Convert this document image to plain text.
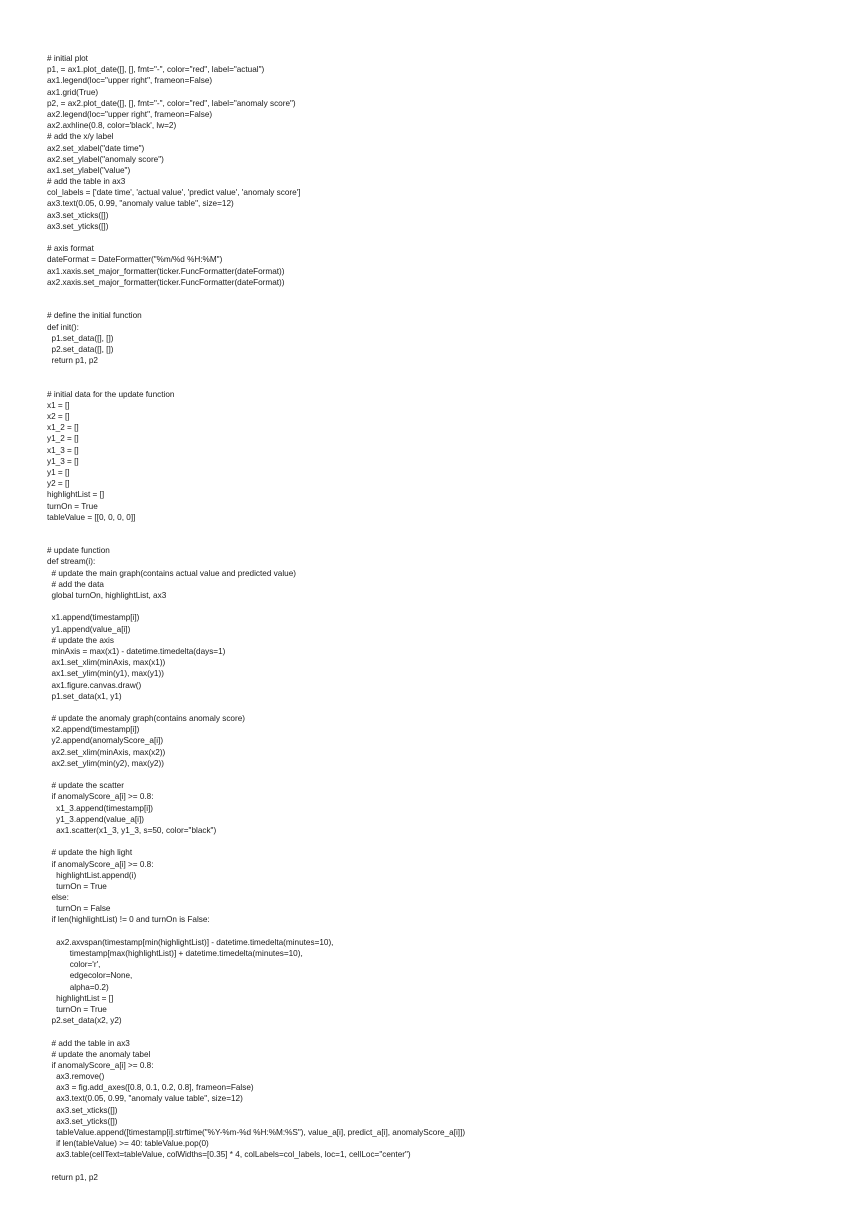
# initial plot
p1, = ax1.plot_date([], [], fmt="-", color="red", label="actual")
ax1.legend(loc="upper right", frameon=False)
ax1.grid(True)
p2, = ax2.plot_date([], [], fmt="-", color="red", label="anomaly score")
ax2.legend(loc="upper right", frameon=False)
ax2.axhline(0.8, color='black', lw=2)
# add the x/y label
ax2.set_xlabel("date time")
ax2.set_ylabel("anomaly score")
ax1.set_ylabel("value")
# add the table in ax3
col_labels = ['date time', 'actual value', 'predict value', 'anomaly score']
ax3.text(0.05, 0.99, "anomaly value table", size=12)
ax3.set_xticks([])
ax3.set_yticks([])
# axis format
dateFormat = DateFormatter("%m/%d %H:%M")
ax1.xaxis.set_major_formatter(ticker.FuncFormatter(dateFormat))
ax2.xaxis.set_major_formatter(ticker.FuncFormatter(dateFormat))
# define the initial function
def init():
p1.set_data([], [])
p2.set_data([], [])
return p1, p2
# initial data for the update function
x1 = []
x2 = []
x1_2 = []
y1_2 = []
x1_3 = []
y1_3 = []
y1 = []
y2 = []
highlightList = []
turnOn = True
tableValue = [[0, 0, 0, 0]]
# update function
def stream(i):
# update the main graph(contains actual value and predicted value)
# add the data
global turnOn, highlightList, ax3
x1.append(timestamp[i])
y1.append(value_a[i])
# update the axis
minAxis = max(x1) - datetime.timedelta(days=1)
ax1.set_xlim(minAxis, max(x1))
ax1.set_ylim(min(y1), max(y1))
ax1.figure.canvas.draw()
p1.set_data(x1, y1)
# update the anomaly graph(contains anomaly score)
x2.append(timestamp[i])
y2.append(anomalyScore_a[i])
ax2.set_xlim(minAxis, max(x2))
ax2.set_ylim(min(y2), max(y2))
# update the scatter
if anomalyScore_a[i] >= 0.8:
x1_3.append(timestamp[i])
y1_3.append(value_a[i])
ax1.scatter(x1_3, y1_3, s=50, color="black")
# update the high light
if anomalyScore_a[i] >= 0.8:
highlightList.append(i)
turnOn = True
else:
turnOn = False
if len(highlightList) != 0 and turnOn is False:
ax2.axvspan(timestamp[min(highlightList)] - datetime.timedelta(minutes=10),
timestamp[max(highlightList)] + datetime.timedelta(minutes=10),
color='r',
edgecolor=None,
alpha=0.2)
highlightList = []
turnOn = True
p2.set_data(x2, y2)
# add the table in ax3
# update the anomaly tabel
if anomalyScore_a[i] >= 0.8:
ax3.remove()
ax3 = fig.add_axes([0.8, 0.1, 0.2, 0.8], frameon=False)
ax3.text(0.05, 0.99, "anomaly value table", size=12)
ax3.set_xticks([])
ax3.set_yticks([])
tableValue.append([timestamp[i].strftime("%Y-%m-%d %H:%M:%S"), value_a[i], predict_a[i], anomalyScore_a[i]])
if len(tableValue) >= 40: tableValue.pop(0)
ax3.table(cellText=tableValue, colWidths=[0.35] * 4, colLabels=col_labels, loc=1, cellLoc="center")
return p1, p2
